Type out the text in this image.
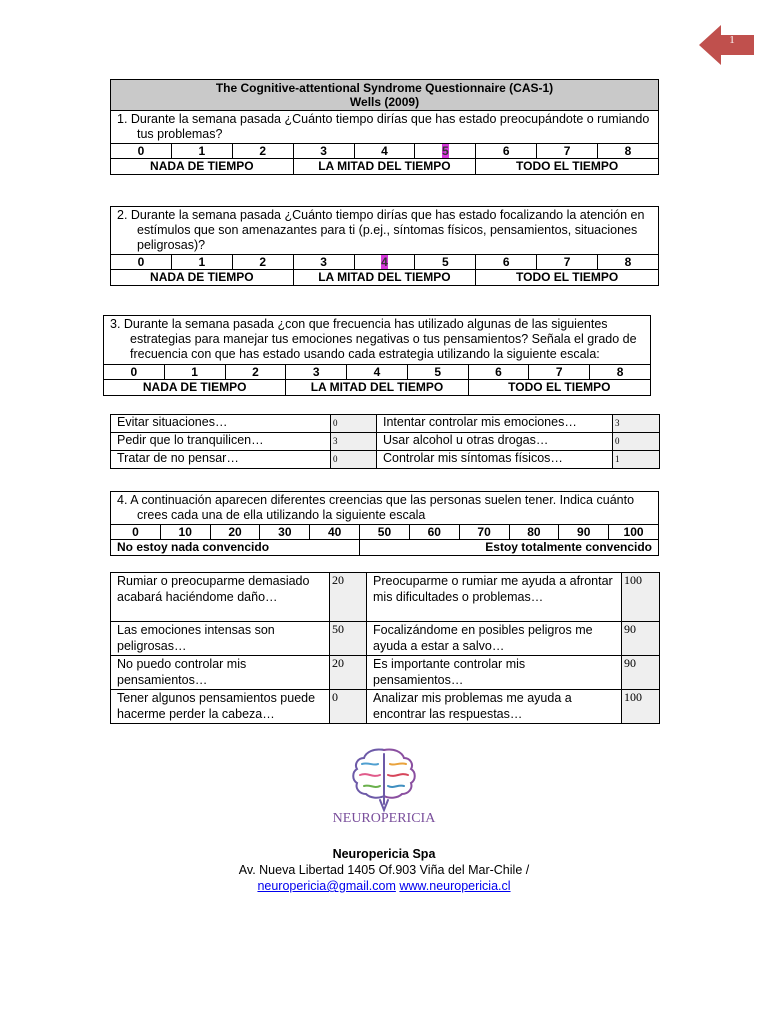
1
The Cognitive-attentional Syndrome Questionnaire (CAS-1)
Wells (2009)								

1. Durante la semana pasada ¿Cuánto tiempo dirías que has estado preocupándote o rumiando tus problemas?								

0	1	2	3	4	5	6	7	8
NADA DE TIEMPO			LA MITAD DEL TIEMPO			TODO EL TIEMPO		
2. Durante la semana pasada ¿Cuánto tiempo dirías que has estado focalizando la atención en estímulos que son amenazantes para ti (p.ej., síntomas físicos, pensamientos, situaciones peligrosas)?								

0	1	2	3	4	5	6	7	8
NADA DE TIEMPO			LA MITAD DEL TIEMPO			TODO EL TIEMPO		
3. Durante la semana pasada ¿con que frecuencia has utilizado algunas de las siguientes estrategias para manejar tus emociones negativas o tus pensamientos? Señala el grado de frecuencia con que has estado usando cada estrategia utilizando la siguiente escala:								

0	1	2	3	4	5	6	7	8
NADA DE TIEMPO			LA MITAD DEL TIEMPO			TODO EL TIEMPO		
Evitar situaciones…	0	Intentar controlar mis emociones…	3
Pedir que lo tranquilicen…	3	Usar alcohol u otras drogas…	0
Tratar de no pensar…	0	Controlar mis síntomas físicos…	1
4. A continuación aparecen diferentes creencias que las personas suelen tener. Indica cuánto crees cada una de ella utilizando la siguiente escala										

0	10	20	30	40	50	60	70	80	90	100
No estoy nada convencido					Estoy totalmente convencido					
Rumiar o preocuparme demasiado acabará haciéndome daño…	20	Preocuparme o rumiar me ayuda a afrontar mis dificultades o problemas…	100
Las emociones intensas son peligrosas…	50	Focalizándome en posibles peligros me ayuda a estar a salvo…	90
No puedo controlar mis pensamientos…	20	Es importante controlar mis pensamientos…	90
Tener algunos pensamientos puede hacerme perder la cabeza…	0	Analizar mis problemas me ayuda a encontrar las respuestas…	100
NEUROPERICIA
Neuropericia Spa
Av. Nueva Libertad 1405 Of.903 Viña del Mar-Chile /
neuropericia@gmail.com www.neuropericia.cl
